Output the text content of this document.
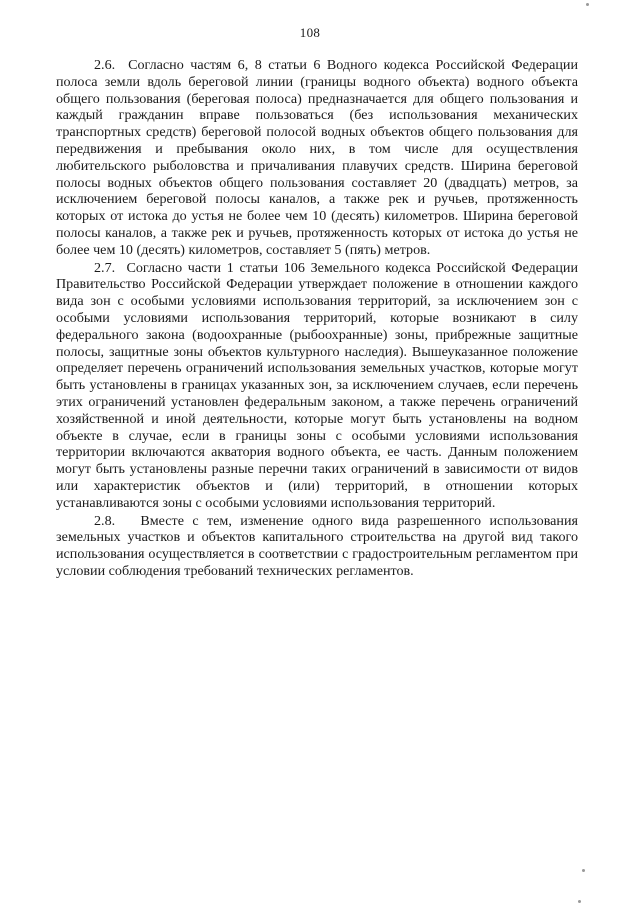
108

2.6.  Согласно частям 6, 8 статьи 6 Водного кодекса Российской Федерации полоса земли вдоль береговой линии (границы водного объекта) водного объекта общего пользования (береговая полоса) предназначается для общего пользования и каждый гражданин вправе пользоваться (без использования механических транспортных средств) береговой полосой водных объектов общего пользования для передвижения и пребывания около них, в том числе для осуществления любительского рыболовства и причаливания плавучих средств. Ширина береговой полосы водных объектов общего пользования составляет 20 (двадцать) метров, за исключением береговой полосы каналов, а также рек и ручьев, протяженность которых от истока до устья не более чем 10 (десять) километров. Ширина береговой полосы каналов, а также рек и ручьев, протяженность которых от истока до устья не более чем 10 (десять) километров, составляет 5 (пять) метров.

2.7.  Согласно части 1 статьи 106 Земельного кодекса Российской Федерации Правительство Российской Федерации утверждает положение в отношении каждого вида зон с особыми условиями использования территорий, за исключением зон с особыми условиями использования территорий, которые возникают в силу федерального закона (водоохранные (рыбоохранные) зоны, прибрежные защитные полосы, защитные зоны объектов культурного наследия). Вышеуказанное положение определяет перечень ограничений использования земельных участков, которые могут быть установлены в границах указанных зон, за исключением случаев, если перечень этих ограничений установлен федеральным законом, а также перечень ограничений хозяйственной и иной деятельности, которые могут быть установлены на водном объекте в случае, если в границы зоны с особыми условиями использования территории включаются акватория водного объекта, ее часть. Данным положением могут быть установлены разные перечни таких ограничений в зависимости от видов или характеристик объектов и (или) территорий, в отношении которых устанавливаются зоны с особыми условиями использования территорий.

2.8.   Вместе с тем, изменение одного вида разрешенного использования земельных участков и объектов капитального строительства на другой вид такого использования осуществляется в соответствии с градостроительным регламентом при условии соблюдения требований технических регламентов.
